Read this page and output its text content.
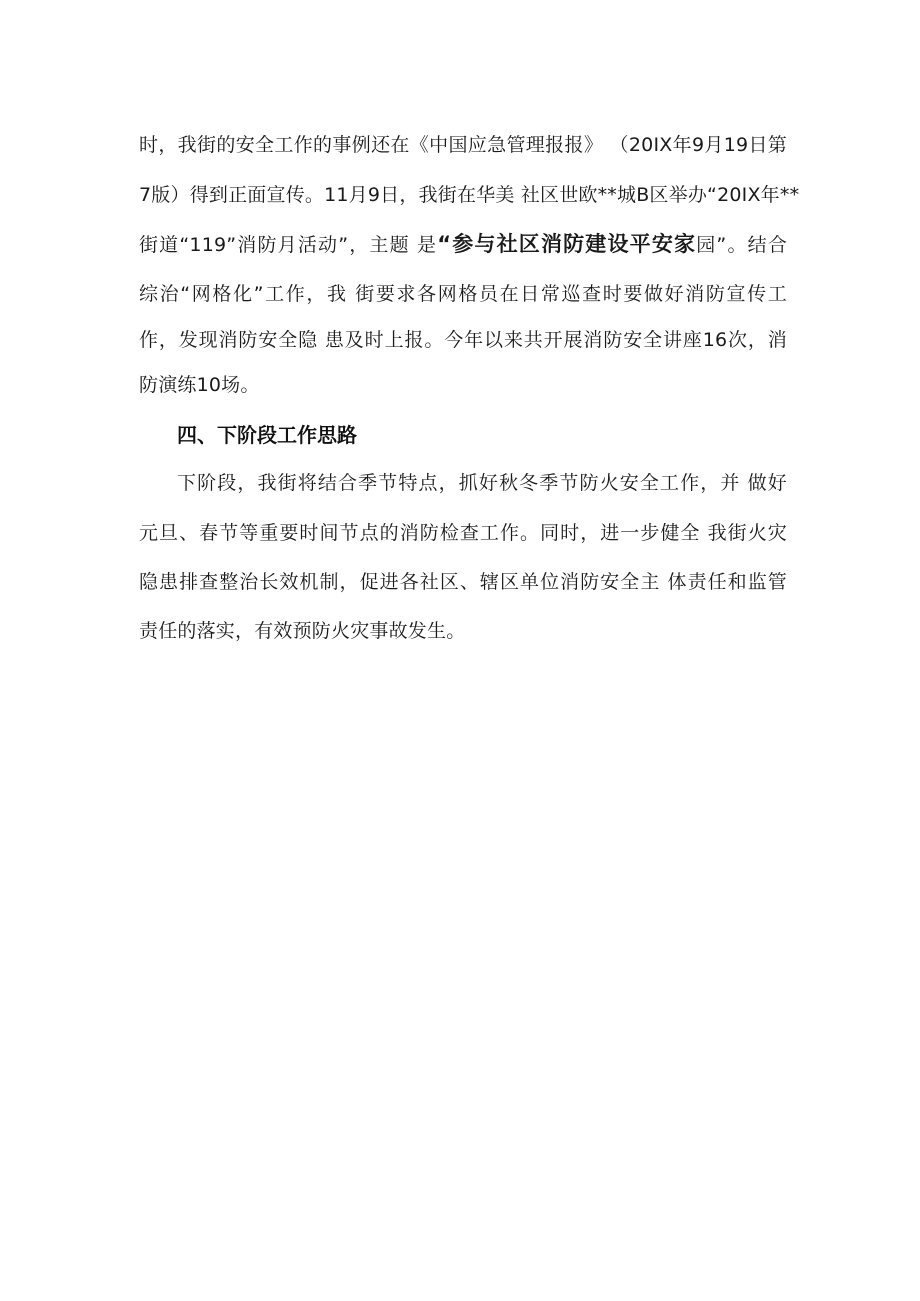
时，我街的安全工作的事例还在《中国应急管理报报》 （20IX年9月19日第
7版）得到正面宣传。11月9日，我街在华美 社区世欧**城B区举办“20IX年**
街道“119”消防月活动”，主题 是“参与社区消防建设平安家园”。结合
综治“网格化”工作，我 街要求各网格员在日常巡查时要做好消防宣传工
作，发现消防安全隐 患及时上报。今年以来共开展消防安全讲座16次，消
防演练10场。
四、下阶段工作思路
下阶段，我街将结合季节特点，抓好秋冬季节防火安全工作，并 做好
元旦、春节等重要时间节点的消防检查工作。同时，进一步健全 我街火灾
隐患排查整治长效机制，促进各社区、辖区单位消防安全主 体责任和监管
责任的落实，有效预防火灾事故发生。
